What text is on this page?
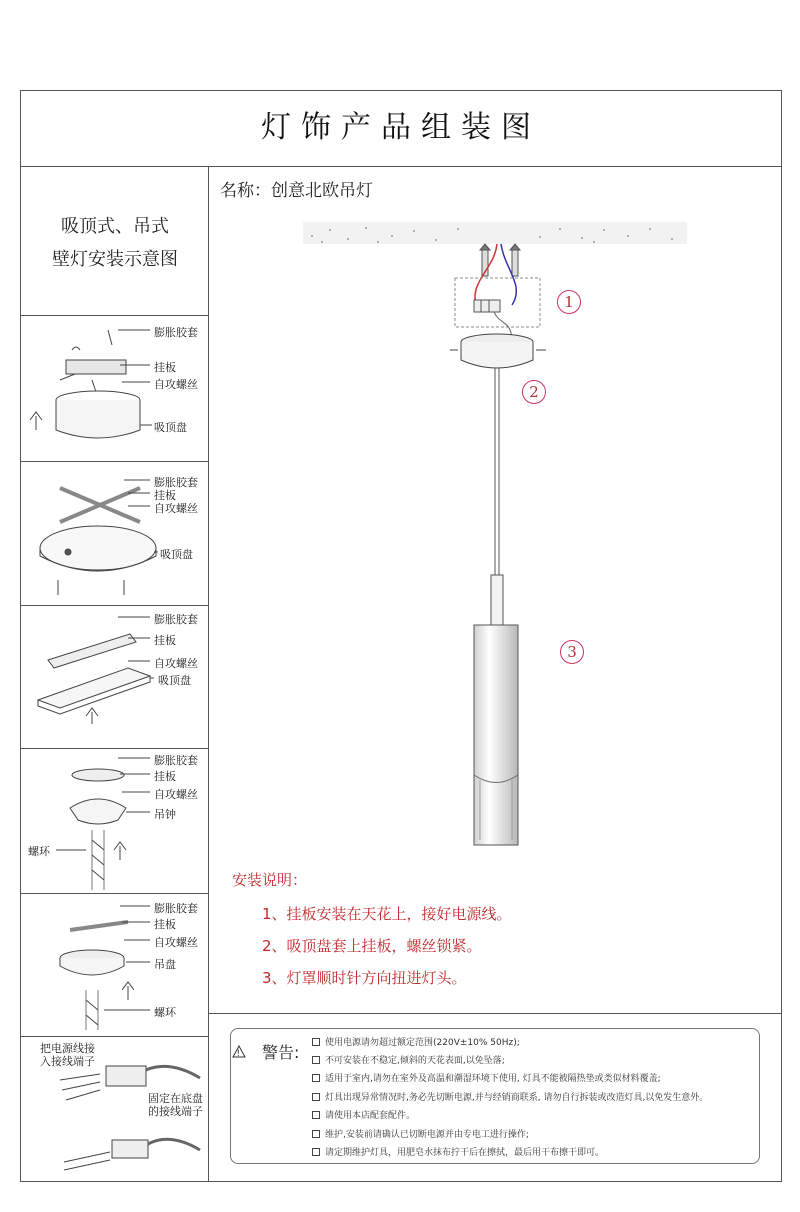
灯饰产品组装图
吸顶式、吊式
壁灯安装示意图
名称：创意北欧吊灯
!
膨胀胶套
挂板
自攻螺丝
吸顶盘
膨胀胶套
挂板
自攻螺丝
吸顶盘
膨胀胶套
挂板
自攻螺丝
吸顶盘
膨胀胶套
挂板
自攻螺丝
吊钟
螺环
膨胀胶套
挂板
自攻螺丝
吊盘
螺环
把电源线接
入接线端子
固定在底盘
的接线端子
1
2
3
安装说明：
1、挂板安装在天花上，接好电源线。
2、吸顶盘套上挂板，螺丝锁紧。
3、灯罩顺时针方向扭进灯头。
警告:	使用电源请勿超过额定范围(220V±10% 50Hz);
不可安装在不稳定,倾斜的天花表面,以免坠落;
适用于室内,请勿在室外及高温和潮湿环境下使用, 灯具不能被隔热垫或类似材料覆盖;
灯具出现异常情况时,务必先切断电源,并与经销商联系, 请勿自行拆装或改造灯具,以免发生意外。
请使用本店配套配件。
维护,安装前请确认已切断电源并由专电工进行操作;
请定期维护灯具，用肥皂水抹布拧干后在擦拭，最后用干布擦干即可。
